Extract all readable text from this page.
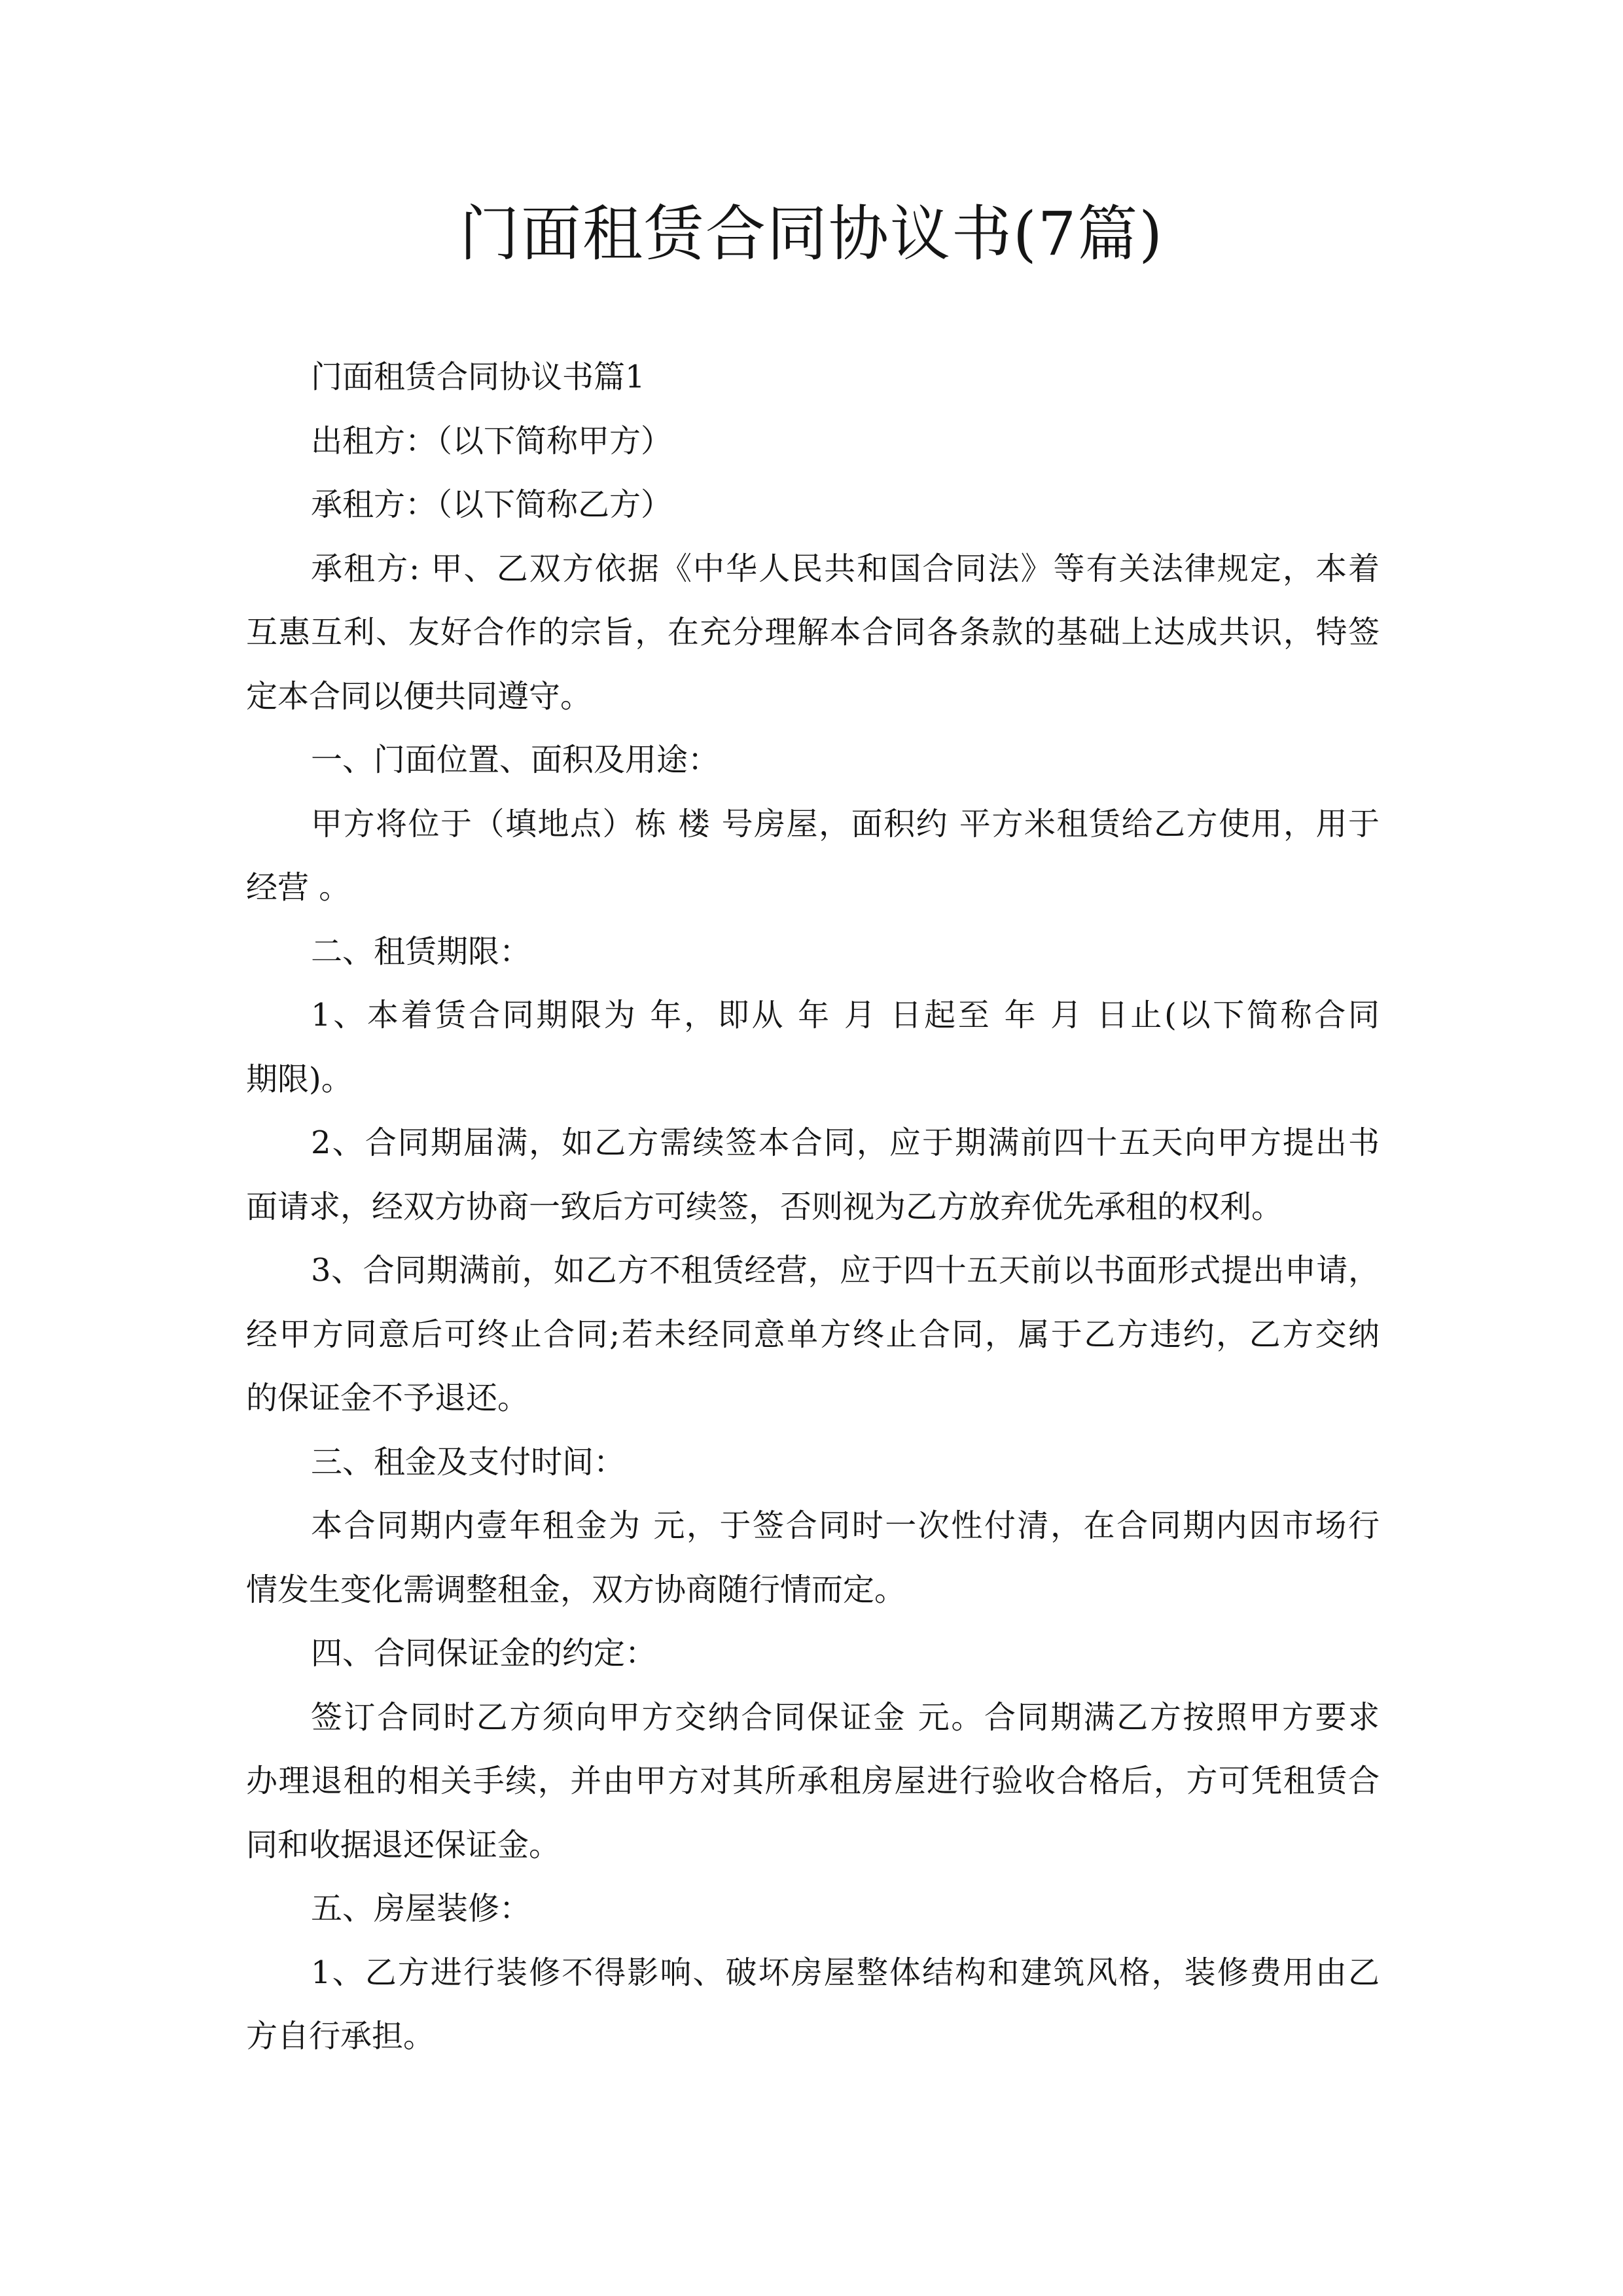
门面租赁合同协议书(7篇)
门面租赁合同协议书篇1
出租方：（以下简称甲方）
承租方：（以下简称乙方）
承租方: 甲、乙双方依据《中华人民共和国合同法》等有关法律规定，本着
互惠互利、友好合作的宗旨，在充分理解本合同各条款的基础上达成共识，特签
定本合同以便共同遵守。
一、门面位置、面积及用途：
甲方将位于（填地点）栋 楼 号房屋，面积约 平方米租赁给乙方使用，用于
经营 。
二、租赁期限：
1、本着赁合同期限为 年，即从 年 月 日起至 年 月 日止(以下简称合同
期限)。
2、合同期届满，如乙方需续签本合同，应于期满前四十五天向甲方提出书
面请求，经双方协商一致后方可续签，否则视为乙方放弃优先承租的权利。
3、合同期满前，如乙方不租赁经营，应于四十五天前以书面形式提出申请，
经甲方同意后可终止合同;若未经同意单方终止合同，属于乙方违约，乙方交纳
的保证金不予退还。
三、租金及支付时间：
本合同期内壹年租金为 元，于签合同时一次性付清，在合同期内因市场行
情发生变化需调整租金，双方协商随行情而定。
四、合同保证金的约定：
签订合同时乙方须向甲方交纳合同保证金 元。合同期满乙方按照甲方要求
办理退租的相关手续，并由甲方对其所承租房屋进行验收合格后，方可凭租赁合
同和收据退还保证金。
五、房屋装修：
1、乙方进行装修不得影响、破坏房屋整体结构和建筑风格，装修费用由乙
方自行承担。
